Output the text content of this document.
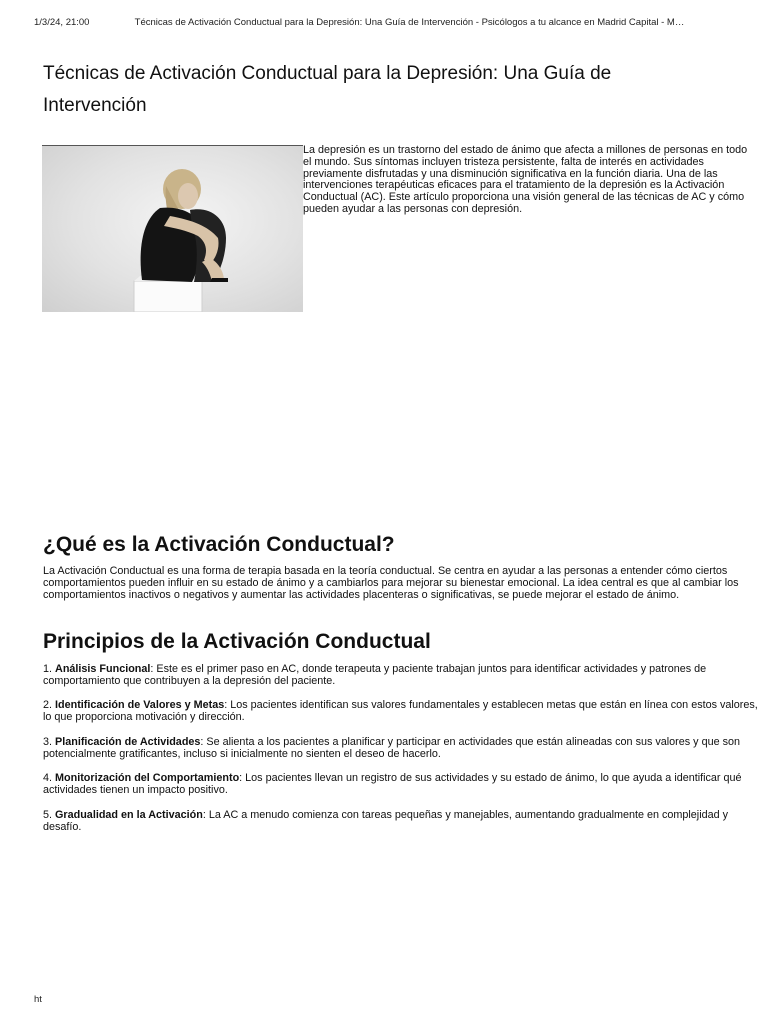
1/3/24, 21:00	Técnicas de Activación Conductual para la Depresión: Una Guía de Intervención - Psicólogos a tu alcance en Madrid Capital - M…
Técnicas de Activación Conductual para la Depresión: Una Guía de Intervención

La depresión es un trastorno del estado de ánimo que afecta a millones de personas en todo el mundo. Sus síntomas incluyen tristeza persistente, falta de interés en actividades previamente disfrutadas y una disminución significativa en la función diaria. Una de las intervenciones terapéuticas eficaces para el tratamiento de la depresión es la Activación Conductual (AC). Este artículo proporciona una visión general de las técnicas de AC y cómo pueden ayudar a las personas con depresión.

¿Qué es la Activación Conductual?

La Activación Conductual es una forma de terapia basada en la teoría conductual. Se centra en ayudar a las personas a entender cómo ciertos comportamientos pueden influir en su estado de ánimo y a cambiarlos para mejorar su bienestar emocional. La idea central es que al cambiar los comportamientos inactivos o negativos y aumentar las actividades placenteras o significativas, se puede mejorar el estado de ánimo.

Principios de la Activación Conductual

1. Análisis Funcional: Este es el primer paso en AC, donde terapeuta y paciente trabajan juntos para identificar actividades y patrones de comportamiento que contribuyen a la depresión del paciente.

2. Identificación de Valores y Metas: Los pacientes identifican sus valores fundamentales y establecen metas que están en línea con estos valores, lo que proporciona motivación y dirección.

3. Planificación de Actividades: Se alienta a los pacientes a planificar y participar en actividades que están alineadas con sus valores y que son potencialmente gratificantes, incluso si inicialmente no sienten el deseo de hacerlo.

4. Monitorización del Comportamiento: Los pacientes llevan un registro de sus actividades y su estado de ánimo, lo que ayuda a identificar qué actividades tienen un impacto positivo.

5. Gradualidad en la Activación: La AC a menudo comienza con tareas pequeñas y manejables, aumentando gradualmente en complejidad y desafío.

ht
